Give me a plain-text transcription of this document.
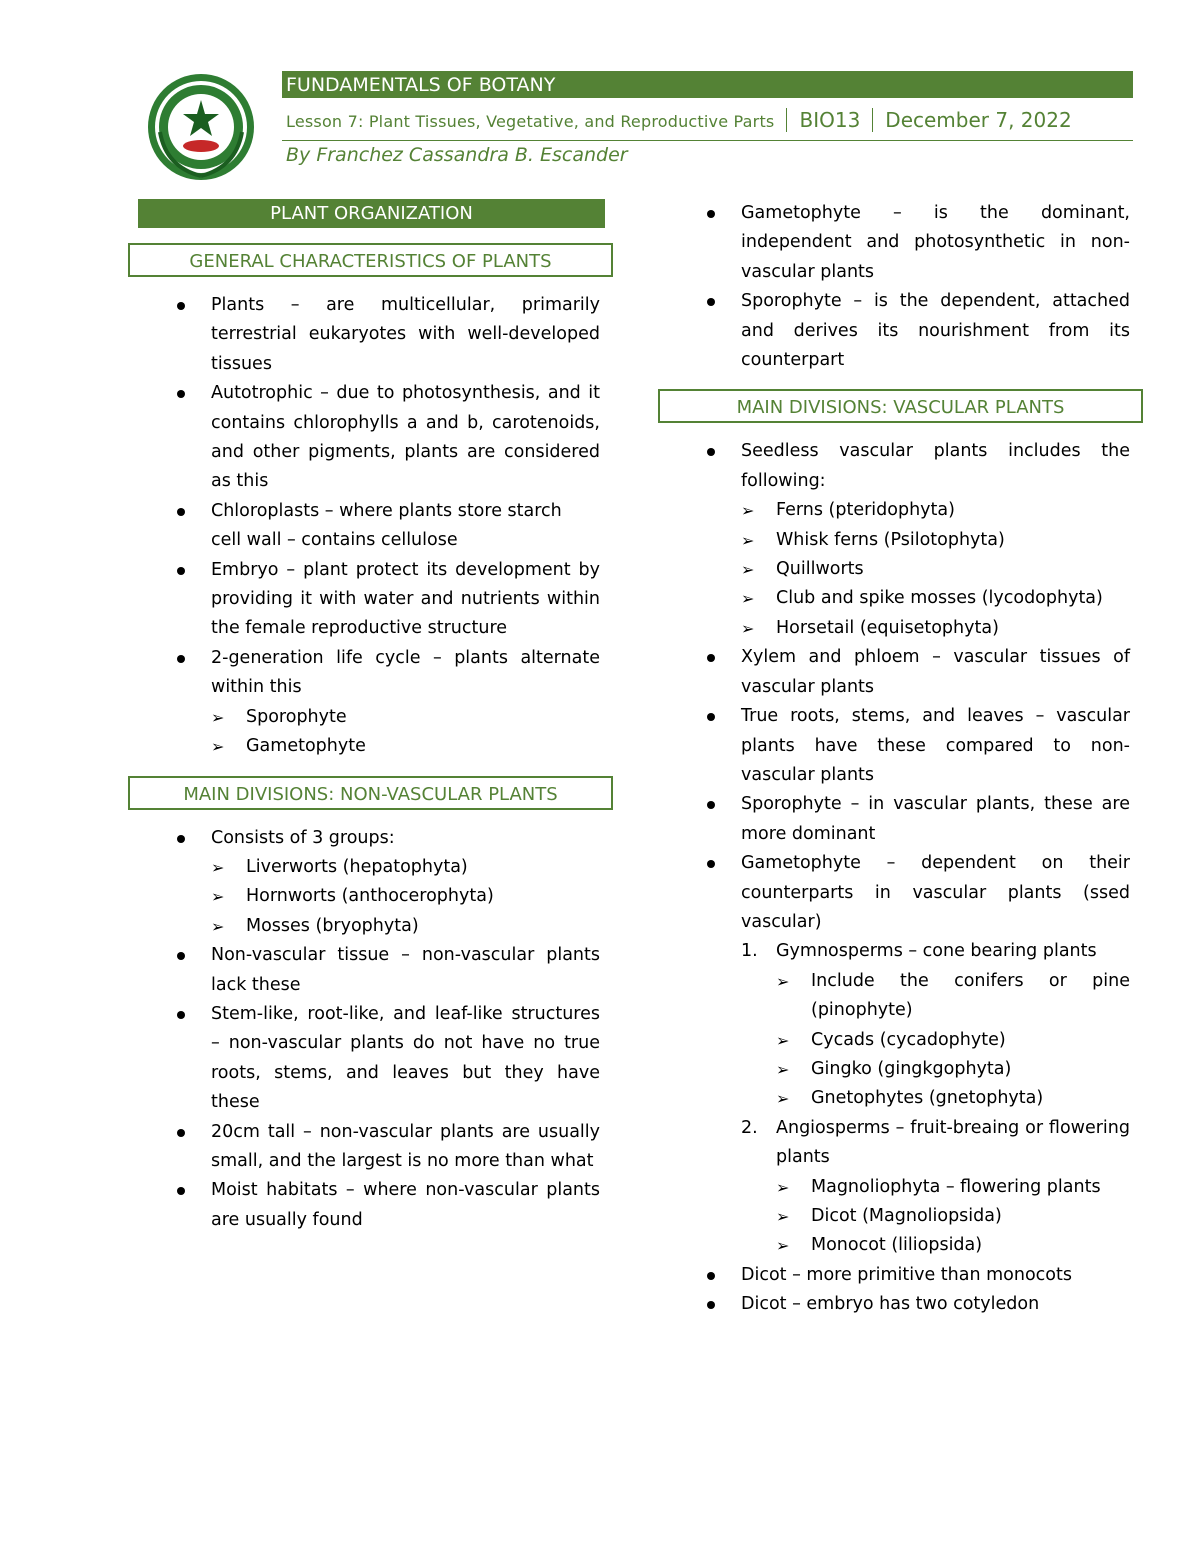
FUNDAMENTALS OF BOTANY
Lesson 7: Plant Tissues, Vegetative, and Reproductive Parts BIO13 December 7, 2022
By Franchez Cassandra B. Escander
PLANT ORGANIZATION
GENERAL CHARACTERISTICS OF PLANTS
Plants – are multicellular, primarily terrestrial eukaryotes with well-developed tissues
Autotrophic – due to photosynthesis, and it contains chlorophylls a and b, carotenoids, and other pigments, plants are considered as this
Chloroplasts – where plants store starch
cell wall – contains cellulose
Embryo – plant protect its development by providing it with water and nutrients within the female reproductive structure
2-generation life cycle – plants alternate within this
➢ Sporophyte
➢ Gametophyte
MAIN DIVISIONS: NON-VASCULAR PLANTS
Consists of 3 groups:
➢ Liverworts (hepatophyta)
➢ Hornworts (anthocerophyta)
➢ Mosses (bryophyta)
Non-vascular tissue – non-vascular plants lack these
Stem-like, root-like, and leaf-like structures – non-vascular plants do not have no true roots, stems, and leaves but they have these
20cm tall – non-vascular plants are usually small, and the largest is no more than what
Moist habitats – where non-vascular plants are usually found
Gametophyte – is the dominant, independent and photosynthetic in non-vascular plants
Sporophyte – is the dependent, attached and derives its nourishment from its counterpart
MAIN DIVISIONS: VASCULAR PLANTS
Seedless vascular plants includes the following:
➢ Ferns (pteridophyta)
➢ Whisk ferns (Psilotophyta)
➢ Quillworts
➢ Club and spike mosses (lycodophyta)
➢ Horsetail (equisetophyta)
Xylem and phloem – vascular tissues of vascular plants
True roots, stems, and leaves – vascular plants have these compared to non-vascular plants
Sporophyte – in vascular plants, these are more dominant
Gametophyte – dependent on their counterparts in vascular plants (ssed vascular)
1. Gymnosperms – cone bearing plants
➢ Include the conifers or pine (pinophyte)
➢ Cycads (cycadophyte)
➢ Gingko (gingkgophyta)
➢ Gnetophytes (gnetophyta)
2. Angiosperms – fruit-breaing or flowering plants
➢ Magnoliophyta – flowering plants
➢ Dicot (Magnoliopsida)
➢ Monocot (liliopsida)
Dicot – more primitive than monocots
Dicot – embryo has two cotyledon
